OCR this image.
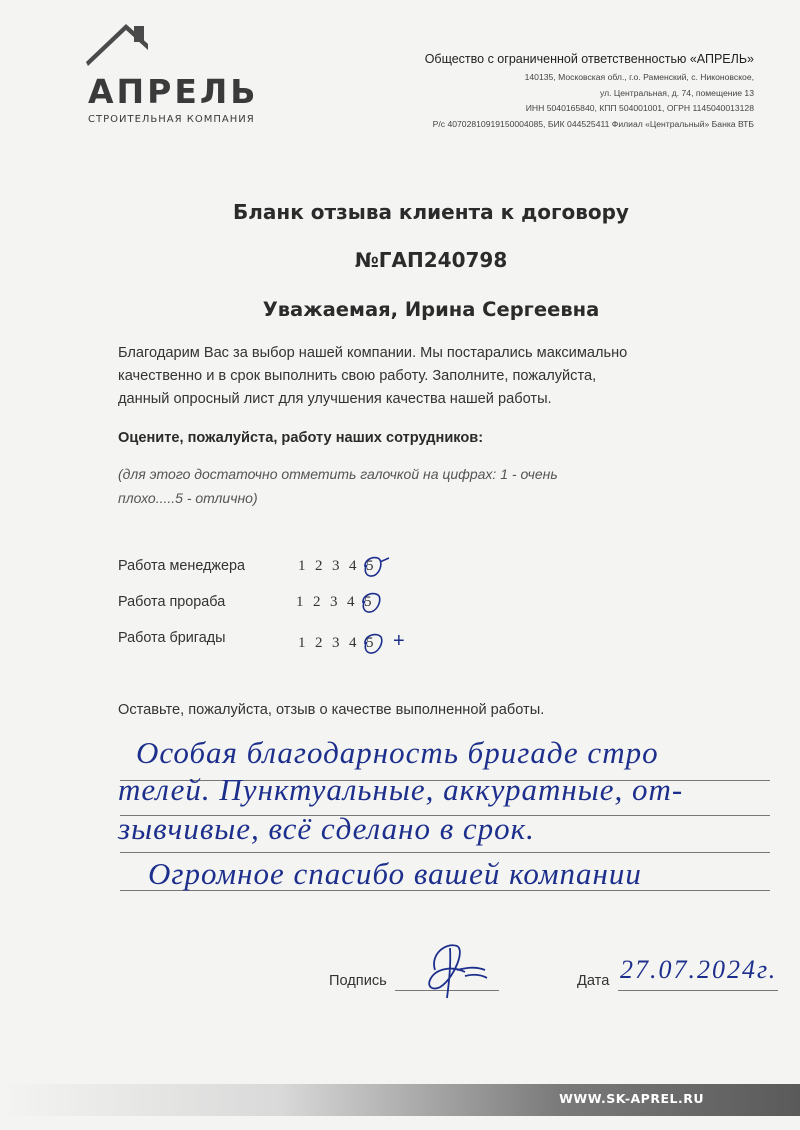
АПРЕЛЬ
СТРОИТЕЛЬНАЯ КОМПАНИЯ
Общество с ограниченной ответственностью «АПРЕЛЬ»
140135, Московская обл., г.о. Раменский, с. Никоновское,
ул. Центральная, д. 74, помещение 13
ИНН 5040165840, КПП 504001001, ОГРН 1145040013128
Р/с 40702810919150004085, БИК 044525411 Филиал «Центральный» Банка ВТБ
Бланк отзыва клиента к договору
№ГАП240798
Уважаемая, Ирина Сергеевна
Благодарим Вас за выбор нашей компании. Мы постарались максимально
качественно и в срок выполнить свою работу. Заполните, пожалуйста,
данный опросный лист для улучшения качества нашей работы.
Оцените, пожалуйста, работу наших сотрудников:
(для этого достаточно отметить галочкой на цифрах: 1 - очень
плохо.....5 - отлично)
Работа менеджера	1 2 3 4 5
Работа прораба	1 2 3 4 5
Работа бригады	1 2 3 4 5 +
Оставьте, пожалуйста, отзыв о качестве выполненной работы.
Особая благодарность бригаде стро
телей. Пунктуальные, аккуратные, от-
зывчивые, всё сделано в срок.
Огромное спасибо вашей компании
Подпись	Дата 27.07.2024г.
WWW.SK-APREL.RU
